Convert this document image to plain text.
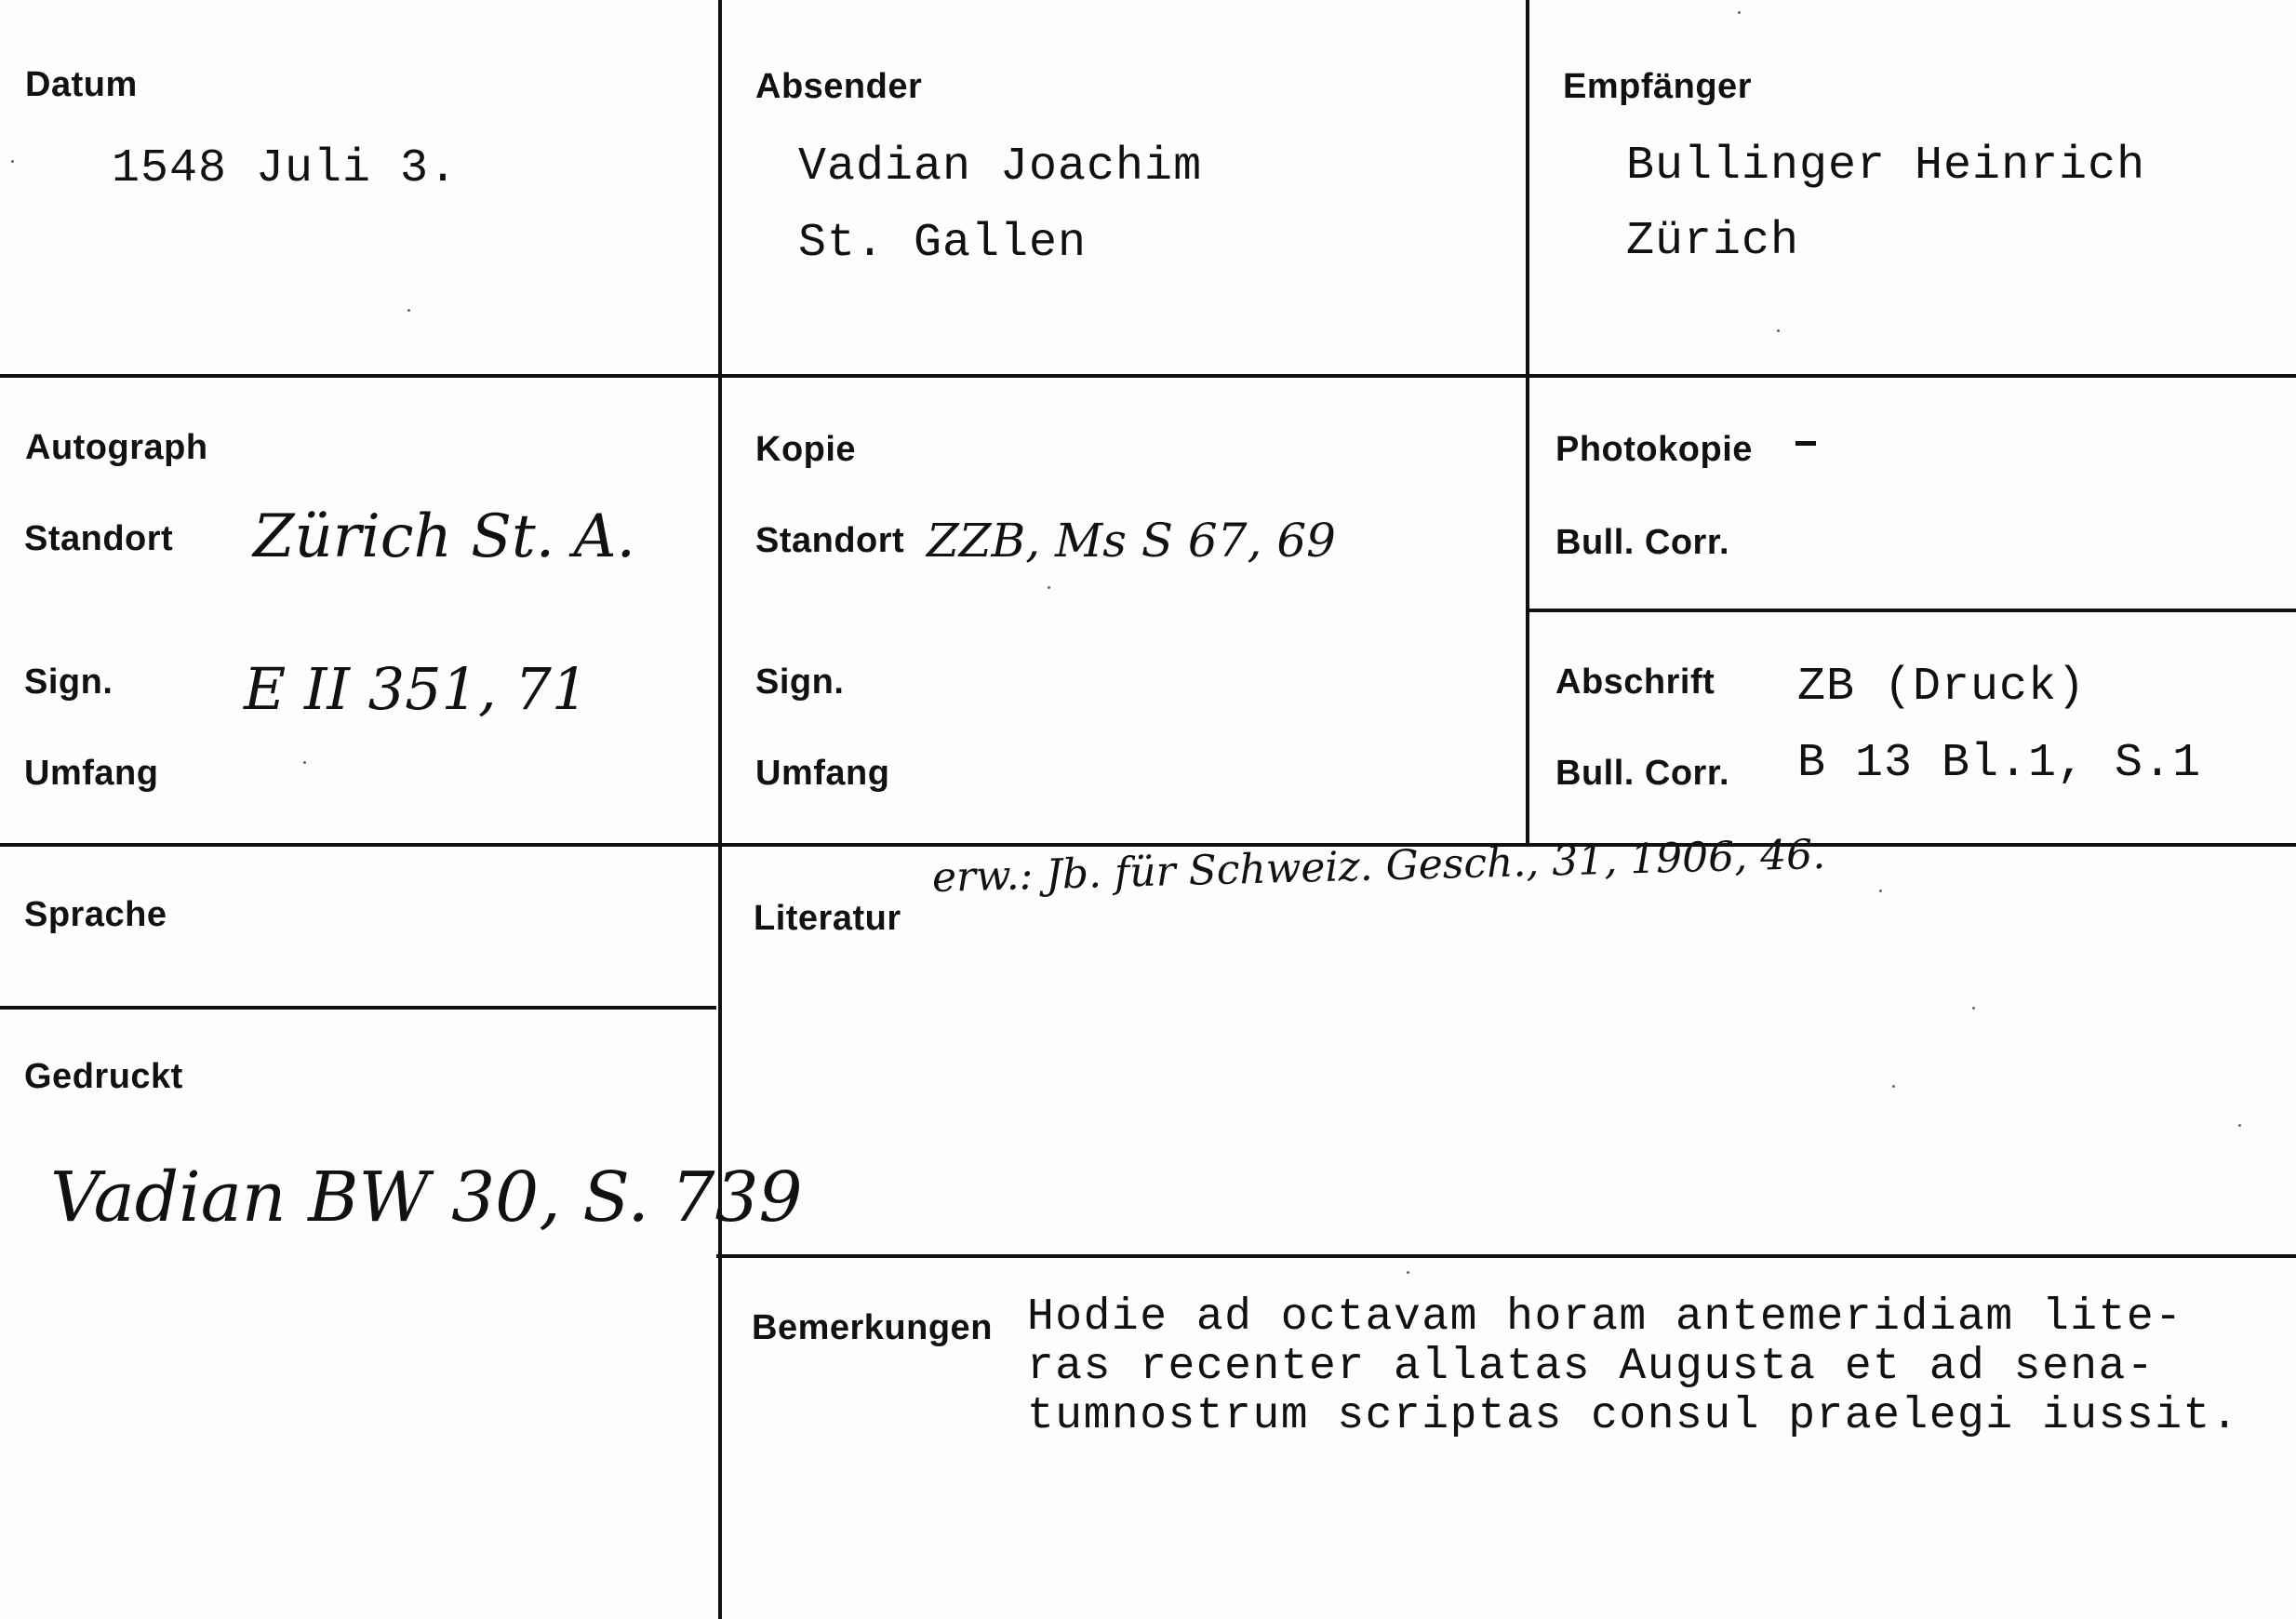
Datum
1548 Juli 3.
Absender
Vadian Joachim
St. Gallen
Empfänger
Bullinger Heinrich
Zürich
Autograph
Standort Zürich St. A.
Sign. E II 351, 71
Umfang
Kopie
Standort ZZB, Ms S 67, 69
Sign.
Umfang
Photokopie –
Bull. Corr.
Abschrift ZB (Druck)
Bull. Corr. B 13 Bl.1, S.1
Sprache	Literatur
erw.: Jb. für Schweiz. Gesch., 31, 1906, 46.
Gedruckt
Vadian BW 30, S. 739
Bemerkungen Hodie ad octavam horam antemeridiam lite-
ras recenter allatas Augusta et ad sena-
tumnostrum scriptas consul praelegi iussit.
